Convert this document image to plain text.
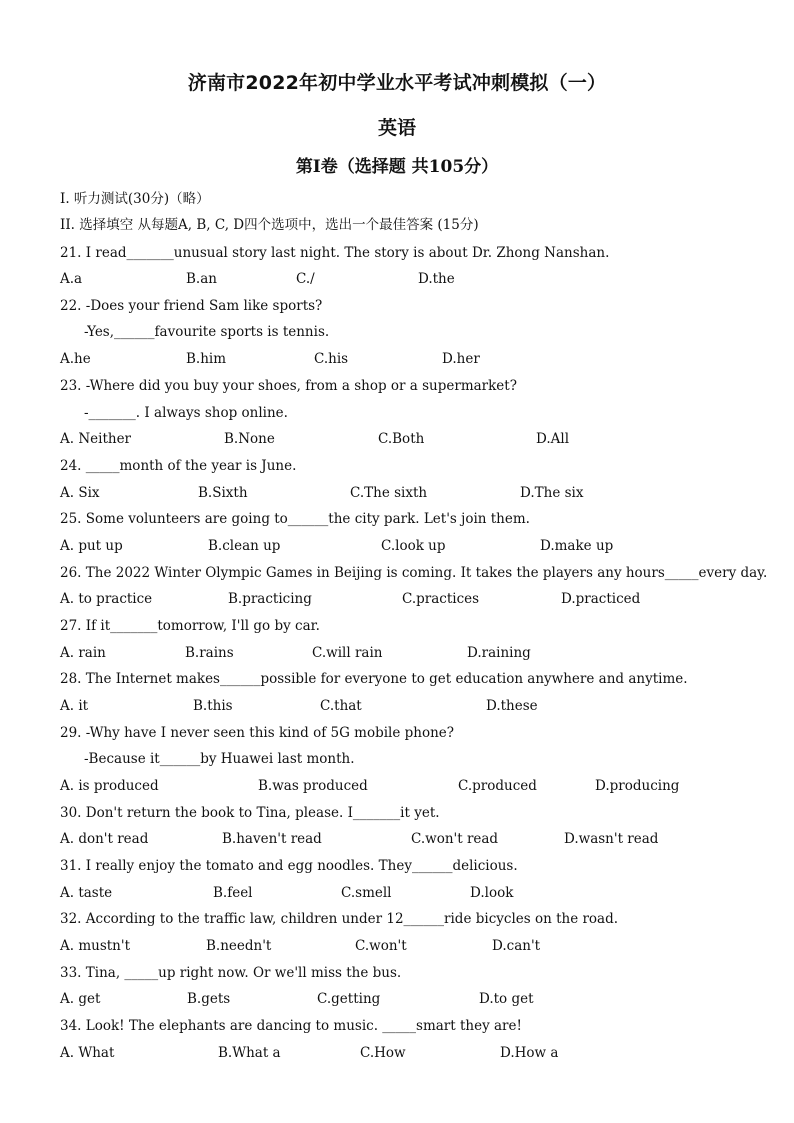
济南市2022年初中学业水平考试冲刺模拟（一）
英语
第Ⅰ卷（选择题 共105分）
I. 听力测试(30分)（略）
II. 选择填空 从每题A, B, C, D四个选项中，选出一个最佳答案 (15分)
21. I read_______unusual story last night. The story is about Dr. Zhong Nanshan.
A.a	B.an	C./	D.the
22. -Does your friend Sam like sports?
-Yes,______favourite sports is tennis.
A.he	B.him	C.his	D.her
23. -Where did you buy your shoes, from a shop or a supermarket?
-_______. I always shop online.
A. Neither	B.None	C.Both	D.All
24. _____month of the year is June.
A. Six	B.Sixth	C.The sixth	D.The six
25. Some volunteers are going to______the city park. Let's join them.
A. put up	B.clean up	C.look up	D.make up
26. The 2022 Winter Olympic Games in Beijing is coming. It takes the players any hours_____every day.
A. to practice	B.practicing	C.practices	D.practiced
27. If it_______tomorrow, I'll go by car.
A. rain	B.rains	C.will rain	D.raining
28. The Internet makes______possible for everyone to get education anywhere and anytime.
A. it	B.this	C.that	D.these
29. -Why have I never seen this kind of 5G mobile phone?
-Because it______by Huawei last month.
A. is produced	B.was produced	C.produced	D.producing
30. Don't return the book to Tina, please. I_______it yet.
A. don't read	B.haven't read	C.won't read	D.wasn't read
31. I really enjoy the tomato and egg noodles. They______delicious.
A. taste	B.feel	C.smell	D.look
32. According to the traffic law, children under 12______ride bicycles on the road.
A. mustn't	B.needn't	C.won't	D.can't
33. Tina, _____up right now. Or we'll miss the bus.
A. get	B.gets	C.getting	D.to get
34. Look! The elephants are dancing to music. _____smart they are!
A. What	B.What a	C.How	D.How a
